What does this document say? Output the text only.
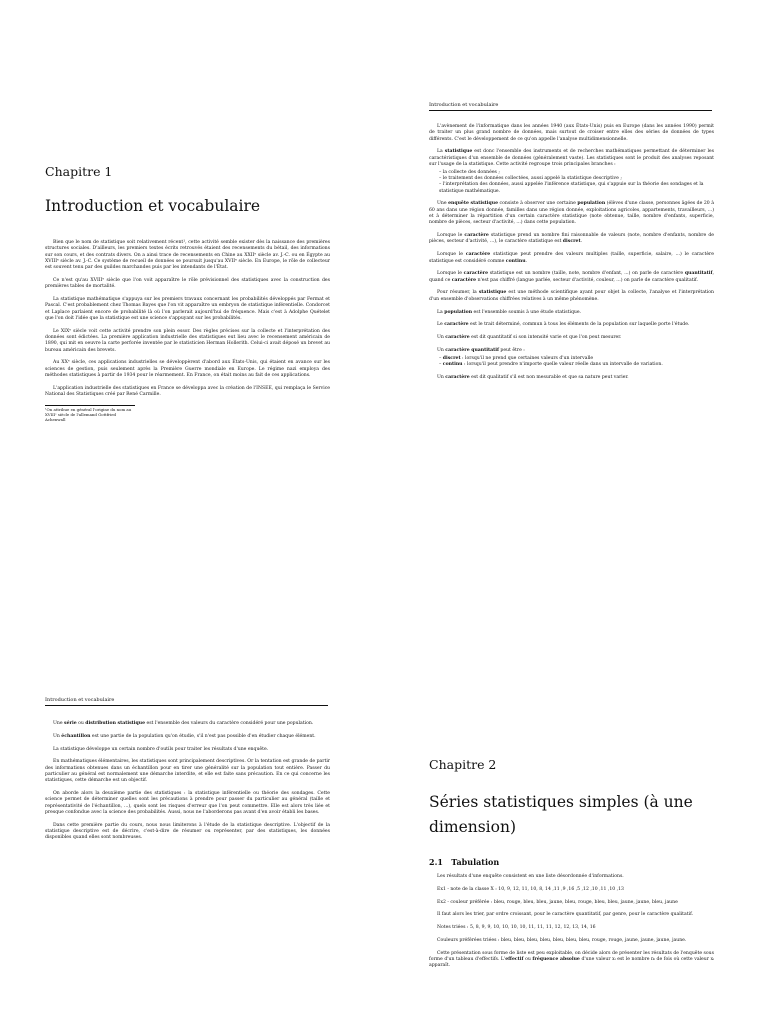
Chapitre 1
Introduction et vocabulaire

Bien que le nom de statistique soit relativement récent¹, cette activité semble exister dès la naissance des premières structures sociales. D'ailleurs, les premiers textes écrits retrouvés étaient des recensements du bétail, des informations sur son cours, et des contrats divers. On a ainsi trace de recensements en Chine au XXIIᵉ siècle av. J.-C. ou en Égypte au XVIIIᵉ siècle av. J.-C. Ce système de recueil de données se poursuit jusqu'au XVIIᵉ siècle. En Europe, le rôle de collecteur est souvent tenu par des guildes marchandes puis par les intendants de l'État.

Ce n'est qu'au XVIIIᵉ siècle que l'on voit apparaître le rôle prévisionnel des statistiques avec la construction des premières tables de mortalité.

La statistique mathématique s'appuya sur les premiers travaux concernant les probabilités développés par Fermat et Pascal. C'est probablement chez Thomas Bayes que l'on vit apparaître un embryon de statistique inférentielle. Condorcet et Laplace parlaient encore de probabilité là où l'on parlerait aujourd'hui de fréquence. Mais c'est à Adolphe Quételet que l'on doit l'idée que la statistique est une science s'appuyant sur les probabilités.

Le XIXᵉ siècle voit cette activité prendre son plein essor. Des règles précises sur la collecte et l'interprétation des données sont édictées. La première application industrielle des statistiques eut lieu avec le recensement américain de 1890, qui mit en oeuvre la carte perforée inventée par le statisticien Herman Hollerith. Celui-ci avait déposé un brevet au bureau américain des brevets.

Au XXᵉ siècle, ces applications industrielles se développèrent d'abord aux États-Unis, qui étaient en avance sur les sciences de gestion, puis seulement après la Première Guerre mondiale en Europe. Le régime nazi employa des méthodes statistiques à partir de 1934 pour le réarmement. En France, on était moins au fait de ces applications.

L'application industrielle des statistiques en France se développa avec la création de l'INSEE, qui remplaça le Service National des Statistiques créé par René Carmille.

¹On attribue en général l'origine du nom au XVIIIᵉ siècle de l'allemand Gottfried Achenwall
Introduction et vocabulaire

L'avènement de l'informatique dans les années 1940 (aux États-Unis) puis en Europe (dans les années 1990) permit de traiter un plus grand nombre de données, mais surtout de croiser entre elles des séries de données de types différents. C'est le développement de ce qu'on appelle l'analyse multidimensionnelle.

La statistique est donc l'ensemble des instruments et de recherches mathématiques permettant de déterminer les caractéristiques d'un ensemble de données (généralement vaste). Les statistiques sont le produit des analyses reposant sur l'usage de la statistique. Cette activité regroupe trois principales branches :

– la collecte des données ;
– le traitement des données collectées, aussi appelé la statistique descriptive ;
– l'interprétation des données, aussi appelée l'inférence statistique, qui s'appuie sur la théorie des sondages et la statistique mathématique.

Une enquête statistique consiste à observer une certaine population (élèves d'une classe, personnes âgées de 20 à 60 ans dans une région donnée, familles dans une région donnée, exploitations agricoles, appartements, travailleurs, ...) et à déterminer la répartition d'un certain caractère statistique (note obtenue, taille, nombre d'enfants, superficie, nombre de pièces, secteur d'activité, ...) dans cette population.

Lorsque le caractère statistique prend un nombre fini raisonnable de valeurs (note, nombre d'enfants, nombre de pièces, secteur d'activité, ...), le caractère statistique est discret.

Lorsque le caractère statistique peut prendre des valeurs multiples (taille, superficie, salaire, ...) le caractère statistique est considéré comme continu.

Lorsque le caractère statistique est un nombre (taille, note, nombre d'enfant, ...) on parle de caractère quantitatif, quand ce caractère n'est pas chiffré (langue parlée, secteur d'activité, couleur, ...) on parle de caractère qualitatif.

Pour résumer, la statistique est une méthode scientifique ayant pour objet la collecte, l'analyse et l'interprétation d'un ensemble d'observations chiffrées relatives à un même phénomène.

La population est l'ensemble soumis à une étude statistique.

Le caractère est le trait déterminé, commun à tous les éléments de la population sur laquelle porte l'étude.

Un caractère est dit quantitatif si son intensité varie et que l'on peut mesurer.

Un caractère quantitatif peut être :

– discret : lorsqu'il ne prend que certaines valeurs d'un intervalle
– continu : lorsqu'il peut prendre n'importe quelle valeur réelle dans un intervalle de variation.

Un caractère est dit qualitatif s'il est non mesurable et que sa nature peut varier.

Introduction et vocabulaire

Une série ou distribution statistique est l'ensemble des valeurs du caractère considéré pour une population.

Un échantillon est une partie de la population qu'on étudie, s'il n'est pas possible d'en étudier chaque élément.

La statistique développe un certain nombre d'outils pour traiter les résultats d'une enquête.

En mathématiques élémentaires, les statistiques sont principalement descriptives. Or la tentation est grande de partir des informations obtenues dans un échantillon pour en tirer une généralité sur la population tout entière. Passer du particulier au général est normalement une démarche interdite, et elle est faite sans précaution. En ce qui concerne les statistiques, cette démarche est un objectif.

On aborde alors la deuxième partie des statistiques : la statistique inférentielle ou théorie des sondages. Cette science permet de déterminer quelles sont les précautions à prendre pour passer du particulier au général (taille et représentativité de l'échantillon, ...), quels sont les risques d'erreur que l'on peut commettre. Elle est alors très liée et presque confondue avec la science des probabilités. Aussi, nous ne l'aborderons pas avant d'en avoir établi les bases.

Dans cette première partie du cours, nous nous limiterons à l'étude de la statistique descriptive. L'objectif de la statistique descriptive est de décrire, c'est-à-dire de résumer ou représenter, par des statistiques, les données disponibles quand elles sont nombreuses.

Chapitre 2
Séries statistiques simples (à une dimension)
2.1 Tabulation

Les résultats d'une enquête consistent en une liste désordonnée d'informations.

Ex1 - note de la classe X : 10, 9, 12, 11, 10, 8, 14 ,11 ,9 ,16 ,5 ,12 ,10 ,11 ,10 ,13

Ex2 - couleur préférée : bleu, rouge, bleu, bleu, jaune, bleu, rouge, bleu, bleu, jaune, jaune, bleu, jaune

Il faut alors les trier, par ordre croissant, pour le caractère quantitatif, par genre, pour le caractère qualitatif.

Notes triées : 5, 8, 9, 9, 10, 10, 10, 10, 11, 11, 11, 12, 12, 13, 14, 16

Couleurs préférées triées : bleu, bleu, bleu, bleu, bleu, bleu, bleu, rouge, rouge, jaune, jaune, jaune, jaune.

Cette présentation sous forme de liste est peu exploitable, on décide alors de présenter les résultats de l'enquête sous forme d'un tableau d'effectifs. L'effectif ou fréquence absolue d'une valeur xᵢ est le nombre nᵢ de fois où cette valeur xᵢ apparaît.
